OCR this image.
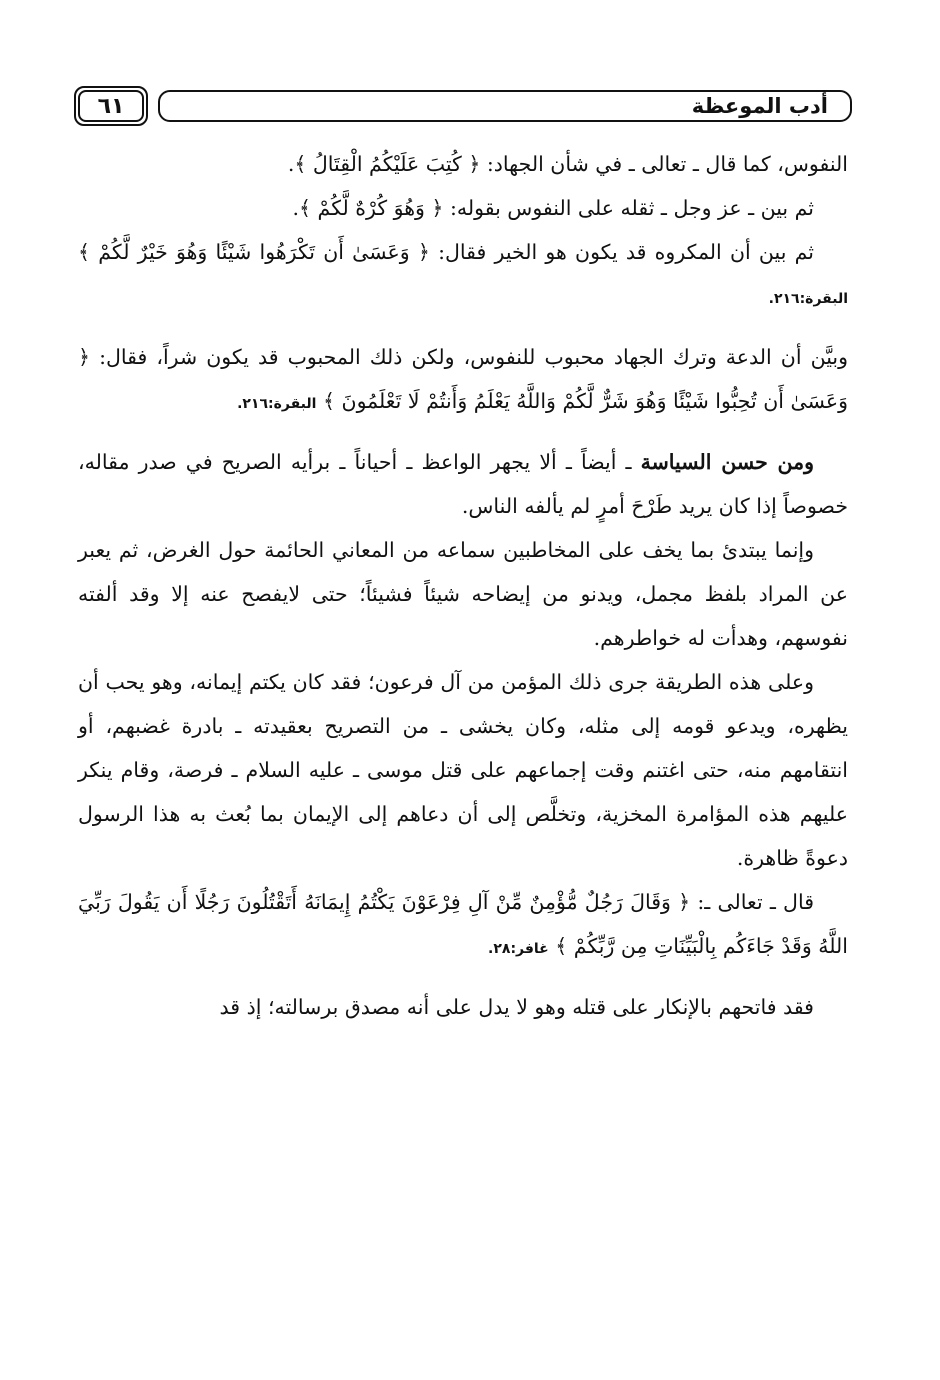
٦١	أدب الموعظة

النفوس، كما قال ـ تعالى ـ في شأن الجهاد: ﴿ كُتِبَ عَلَيْكُمُ الْقِتَالُ ﴾.

ثم بين ـ عز وجل ـ ثقله على النفوس بقوله: ﴿ وَهُوَ كُرْهٌ لَّكُمْ ﴾.

ثم بين أن المكروه قد يكون هو الخير فقال: ﴿ وَعَسَىٰ أَن تَكْرَهُوا شَيْئًا وَهُوَ خَيْرٌ لَّكُمْ ﴾ البقرة:٢١٦.

وبيَّن أن الدعة وترك الجهاد محبوب للنفوس، ولكن ذلك المحبوب قد يكون شراً، فقال: ﴿ وَعَسَىٰ أَن تُحِبُّوا شَيْئًا وَهُوَ شَرٌّ لَّكُمْ وَاللَّهُ يَعْلَمُ وَأَنتُمْ لَا تَعْلَمُونَ ﴾ البقرة:٢١٦.

ومن حسن السياسة ـ أيضاً ـ ألا يجهر الواعظ ـ أحياناً ـ برأيه الصريح في صدر مقاله، خصوصاً إذا كان يريد طَرْحَ أمرٍ لم يألفه الناس.

وإنما يبتدئ بما يخف على المخاطبين سماعه من المعاني الحائمة حول الغرض، ثم يعبر عن المراد بلفظ مجمل، ويدنو من إيضاحه شيئاً فشيئاً؛ حتى لايفصح عنه إلا وقد ألفته نفوسهم، وهدأت له خواطرهم.

وعلى هذه الطريقة جرى ذلك المؤمن من آل فرعون؛ فقد كان يكتم إيمانه، وهو يحب أن يظهره، ويدعو قومه إلى مثله، وكان يخشى ـ من التصريح بعقيدته ـ بادرة غضبهم، أو انتقامهم منه، حتى اغتنم وقت إجماعهم على قتل موسى ـ عليه السلام ـ فرصة، وقام ينكر عليهم هذه المؤامرة المخزية، وتخلَّص إلى أن دعاهم إلى الإيمان بما بُعث به هذا الرسول دعوةً ظاهرة.

قال ـ تعالى ـ: ﴿ وَقَالَ رَجُلٌ مُّؤْمِنٌ مِّنْ آلِ فِرْعَوْنَ يَكْتُمُ إِيمَانَهُ أَتَقْتُلُونَ رَجُلًا أَن يَقُولَ رَبِّيَ اللَّهُ وَقَدْ جَاءَكُم بِالْبَيِّنَاتِ مِن رَّبِّكُمْ ﴾ غافر:٢٨.

فقد فاتحهم بالإنكار على قتله وهو لا يدل على أنه مصدق برسالته؛ إذ قد
